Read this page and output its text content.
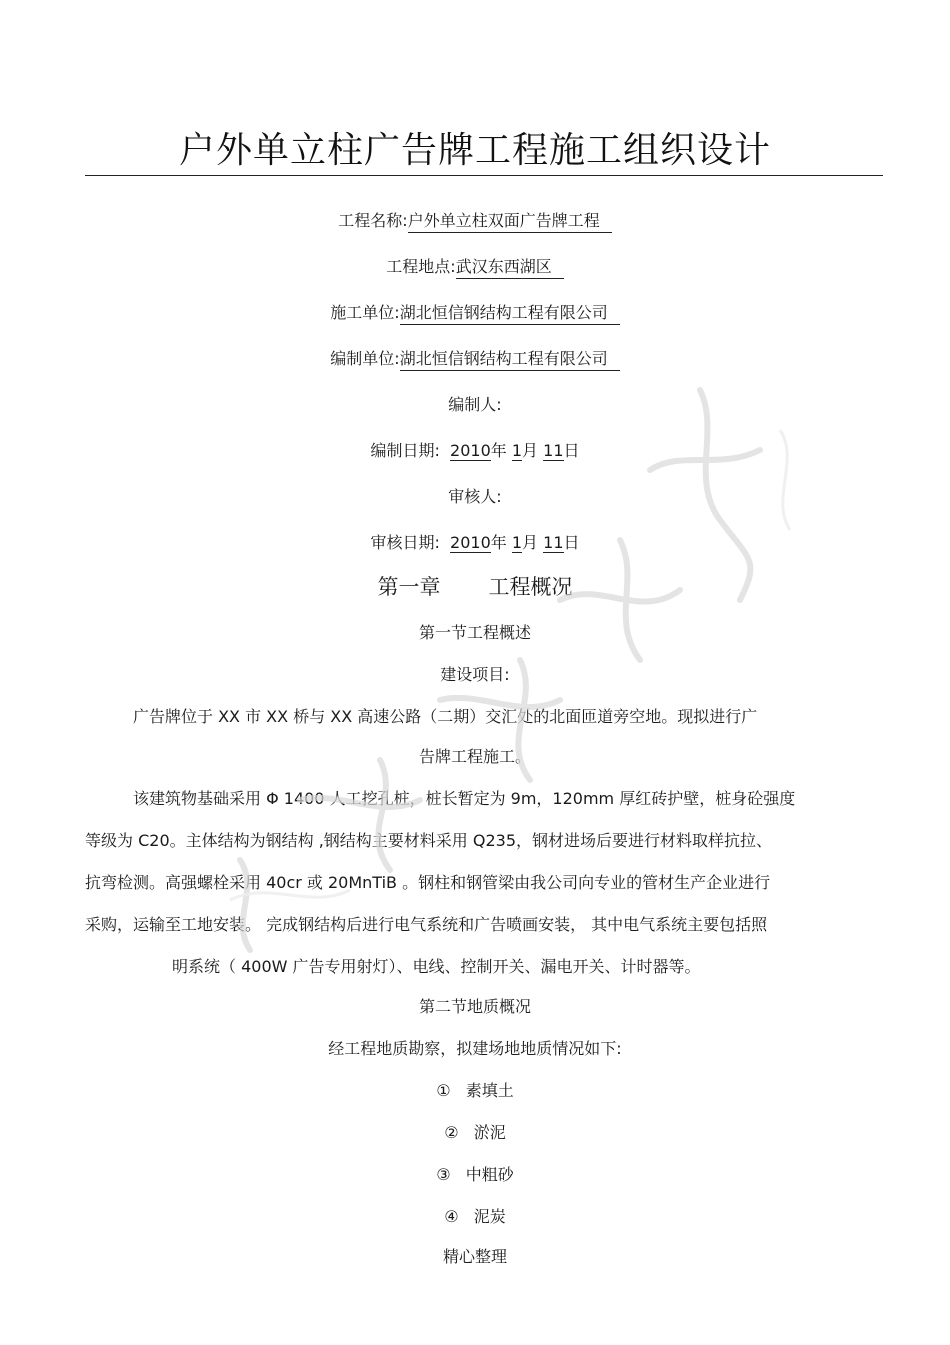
户外单立柱广告牌工程施工组织设计
工程名称:户外单立柱双面广告牌工程
工程地点:武汉东西湖区
施工单位:湖北恒信钢结构工程有限公司
编制单位:湖北恒信钢结构工程有限公司
编制人:
编制日期: 2010年 1月 11日
审核人:
审核日期: 2010年 1月 11日
第一章 工程概况
第一节工程概述
建设项目:
广告牌位于 XX 市 XX 桥与 XX 高速公路（二期）交汇处的北面匝道旁空地。现拟进行广
告牌工程施工。
该建筑物基础采用 Φ 1400 人工挖孔桩，桩长暂定为 9m，120mm 厚红砖护壁，桩身砼强度
等级为 C20。主体结构为钢结构 ,钢结构主要材料采用 Q235，钢材进场后要进行材料取样抗拉、
抗弯检测。高强螺栓采用 40cr 或 20MnTiB 。钢柱和钢管梁由我公司向专业的管材生产企业进行
采购，运输至工地安装。 完成钢结构后进行电气系统和广告喷画安装， 其中电气系统主要包括照
明系统（ 400W 广告专用射灯）、电线、控制开关、漏电开关、计时器等。
第二节地质概况
经工程地质勘察，拟建场地地质情况如下:
① 素填土
② 淤泥
③ 中粗砂
④ 泥炭
精心整理
